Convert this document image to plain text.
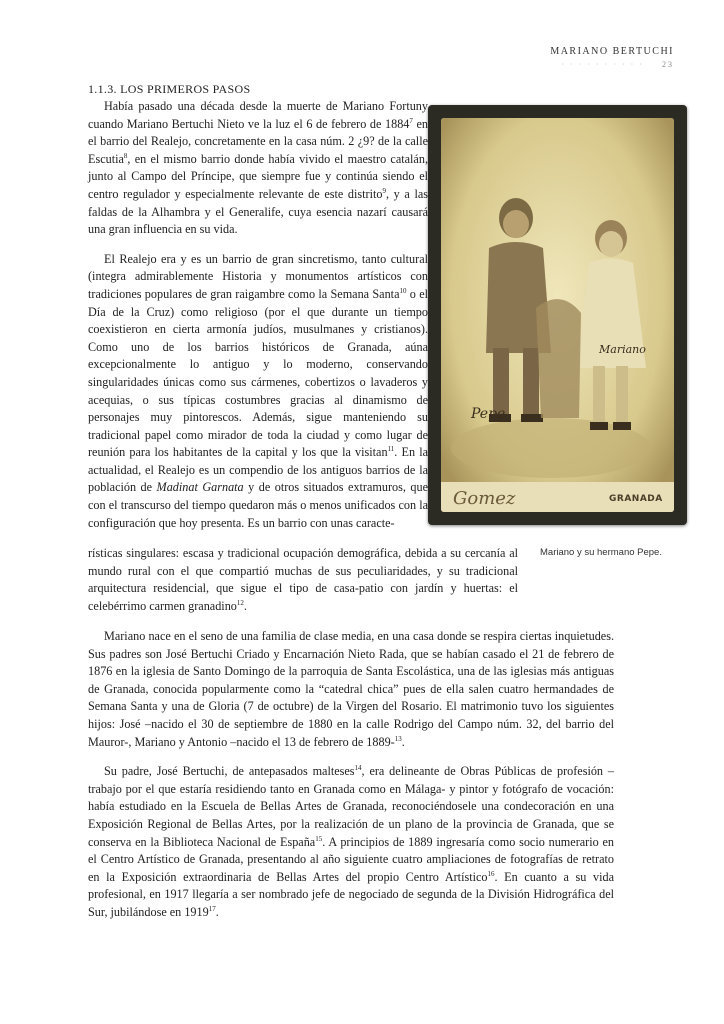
MARIANO BERTUCHI
· · · · · · · · · · 23
1.1.3. LOS PRIMEROS PASOS

Había pasado una década desde la muerte de Mariano Fortuny cuando Mariano Bertuchi Nieto ve la luz el 6 de febrero de 1884$^7$ en el barrio del Realejo, concretamente en la casa núm. 2 ¿9? de la calle Escutia$^8$, en el mismo barrio donde había vivido el maestro catalán, junto al Campo del Príncipe, que siempre fue y continúa siendo el centro regulador y especialmente relevante de este distrito$^9$, y a las faldas de la Alhambra y el Generalife, cuya esencia nazarí causará una gran influencia en su vida.

El Realejo era y es un barrio de gran sincretismo, tanto cultural (integra admirablemente Historia y monumentos artísticos con tradiciones populares de gran raigambre como la Semana Santa$^{10}$ o el Día de la Cruz) como religioso (por el que durante un tiempo coexistieron en cierta armonía judíos, musulmanes y cristianos). Como uno de los barrios históricos de Granada, aúna excepcionalmente lo antiguo y lo moderno, conservando singularidades únicas como sus cármenes, cobertizos o lavaderos y acequias, o sus típicas costumbres gracias al dinamismo de personajes muy pintorescos. Además, sigue manteniendo su tradicional papel como mirador de toda la ciudad y como lugar de reunión para los habitantes de la capital y los que la visitan$^{11}$. En la actualidad, el Realejo es un compendio de los antiguos barrios de la población de Madinat Garnata y de otros situados extramuros, que con el transcurso del tiempo quedaron más o menos unificados con la configuración que hoy presenta. Es un barrio con unas caracte-

rísticas singulares: escasa y tradicional ocupación demográfica, debida a su cercanía al mundo rural con el que compartió muchas de sus peculiaridades, y su tradicional arquitectura residencial, que sigue el tipo de casa-patio con jardín y huertas: el celebérrimo carmen granadino$^{12}$.

Mariano nace en el seno de una familia de clase media, en una casa donde se respira ciertas inquietudes. Sus padres son José Bertuchi Criado y Encarnación Nieto Rada, que se habían casado el 21 de febrero de 1876 en la iglesia de Santo Domingo de la parroquia de Santa Escolástica, una de las iglesias más antiguas de Granada, conocida popularmente como la “catedral chica” pues de ella salen cuatro hermandades de Semana Santa y una de Gloria (7 de octubre) de la Virgen del Rosario. El matrimonio tuvo los siguientes hijos: José –nacido el 30 de septiembre de 1880 en la calle Rodrigo del Campo núm. 32, del barrio del Mauror-, Mariano y Antonio –nacido el 13 de febrero de 1889-$^{13}$.

Su padre, José Bertuchi, de antepasados malteses$^{14}$, era delineante de Obras Públicas de profesión –trabajo por el que estaría residiendo tanto en Granada como en Málaga- y pintor y fotógrafo de vocación: había estudiado en la Escuela de Bellas Artes de Granada, reconociéndosele una condecoración en una Exposición Regional de Bellas Artes, por la realización de un plano de la provincia de Granada, que se conserva en la Biblioteca Nacional de España$^{15}$. A principios de 1889 ingresaría como socio numerario en el Centro Artístico de Granada, presentando al año siguiente cuatro ampliaciones de fotografías de retrato en la Exposición extraordinaria de Bellas Artes del propio Centro Artístico$^{16}$. En cuanto a su vida profesional, en 1917 llegaría a ser nombrado jefe de negociado de segunda de la División Hidrográfica del Sur, jubilándose en 1919$^{17}$.

Pepe
Mariano
Gomez	GRANADA
Mariano y su hermano Pepe.
